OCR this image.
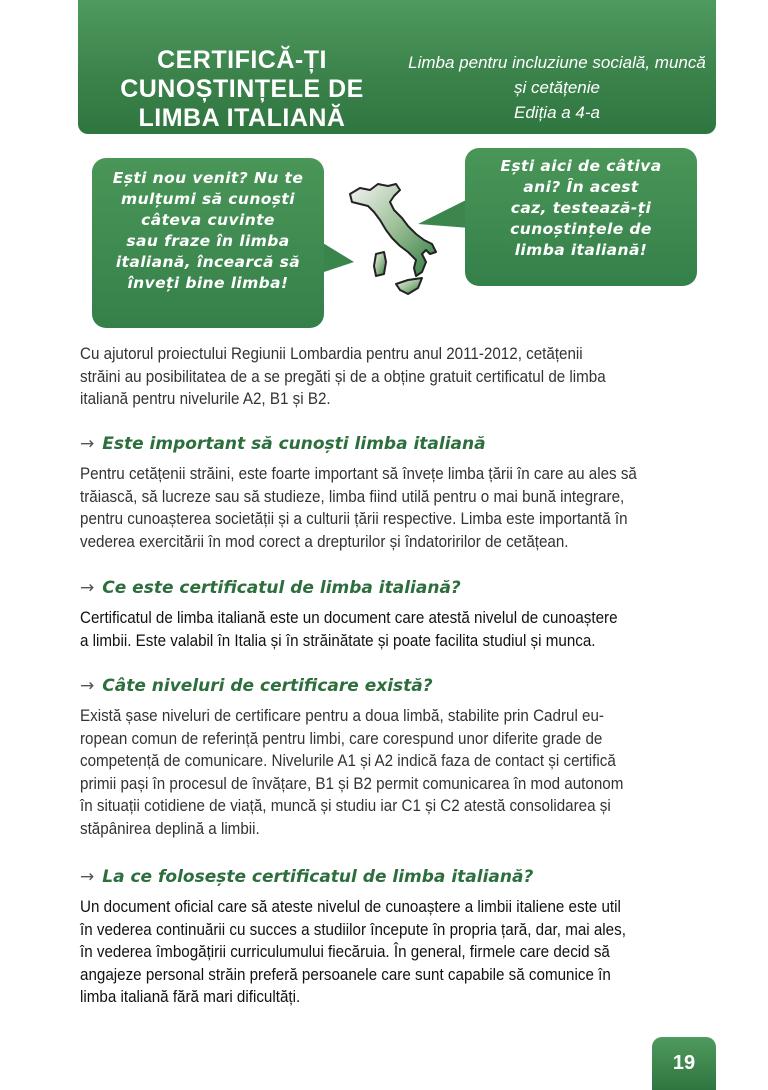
CERTIFICĂ-ȚI
CUNOȘTINȚELE DE
LIMBA ITALIANĂ
Limba pentru incluziune socială, muncă
și cetățenie
Ediția a 4-a
Ești nou venit? Nu te
mulțumi să cunoști
câteva cuvinte
sau fraze în limba
italiană, încearcă să
înveți bine limba!
Ești aici de câtiva
ani? În acest
caz, testează-ți
cunoștințele de
limba italiană!
Cu ajutorul proiectului Regiunii Lombardia pentru anul 2011-2012, cetățenii
străini au posibilitatea de a se pregăti și de a obține gratuit certificatul de limba
italiană pentru nivelurile A2, B1 și B2.
→ Este important să cunoști limba italiană
Pentru cetățenii străini, este foarte important să învețe limba țării în care au ales să
trăiască, să lucreze sau să studieze, limba fiind utilă pentru o mai bună integrare,
pentru cunoașterea societății și a culturii țării respective. Limba este importantă în
vederea exercitării în mod corect a drepturilor și îndatoririlor de cetățean.
→ Ce este certificatul de limba italiană?
Certificatul de limba italiană este un document care atestă nivelul de cunoaștere
a limbii. Este valabil în Italia și în străinătate și poate facilita studiul și munca.
→ Câte niveluri de certificare există?
Există șase niveluri de certificare pentru a doua limbă, stabilite prin Cadrul eu-
ropean comun de referință pentru limbi, care corespund unor diferite grade de
competență de comunicare. Nivelurile A1 și A2 indică faza de contact și certifică
primii pași în procesul de învățare, B1 și B2 permit comunicarea în mod autonom
în situații cotidiene de viață, muncă și studiu iar C1 și C2 atestă consolidarea și
stăpânirea deplină a limbii.
→ La ce folosește certificatul de limba italiană?
Un document oficial care să ateste nivelul de cunoaștere a limbii italiene este util
în vederea continuării cu succes a studiilor începute în propria țară, dar, mai ales,
în vederea îmbogățirii curriculumului fiecăruia. În general, firmele care decid să
angajeze personal străin preferă persoanele care sunt capabile să comunice în
limba italiană fără mari dificultăți.
19
